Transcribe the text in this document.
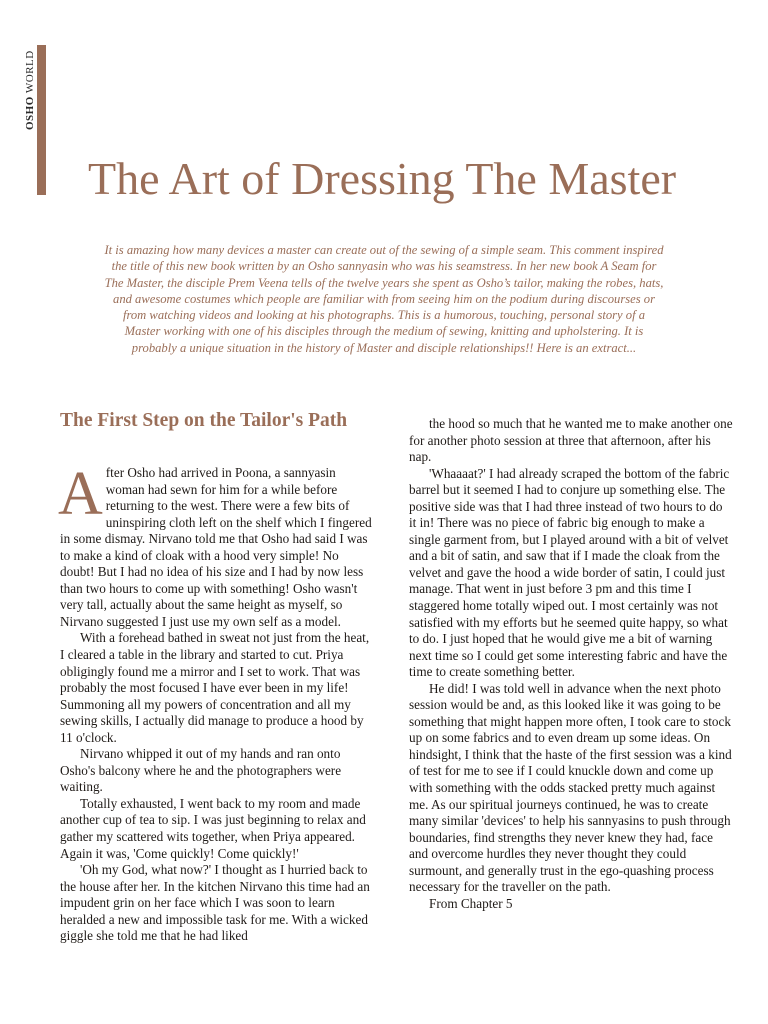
OSHO WORLD
The Art of Dressing The Master

It is amazing how many devices a master can create out of the sewing of a simple seam. This comment inspired the title of this new book written by an Osho sannyasin who was his seamstress. In her new book A Seam for The Master, the disciple Prem Veena tells of the twelve years she spent as Osho’s tailor, making the robes, hats, and awesome costumes which people are familiar with from seeing him on the podium during discourses or from watching videos and looking at his photographs. This is a humorous, touching, personal story of a Master working with one of his disciples through the medium of sewing, knitting and upholstering. It is probably a unique situation in the history of Master and disciple relationships!! Here is an extract...

The First Step on the Tailor's Path

After Osho had arrived in Poona, a sannyasin woman had sewn for him for a while before returning to the west. There were a few bits of uninspiring cloth left on the shelf which I fingered in some dismay. Nirvano told me that Osho had said I was to make a kind of cloak with a hood very simple! No doubt! But I had no idea of his size and I had by now less than two hours to come up with something! Osho wasn't very tall, actually about the same height as myself, so Nirvano suggested I just use my own self as a model.

With a forehead bathed in sweat not just from the heat, I cleared a table in the library and started to cut. Priya obligingly found me a mirror and I set to work. That was probably the most focused I have ever been in my life! Summoning all my powers of concentration and all my sewing skills, I actually did manage to produce a hood by 11 o'clock.

Nirvano whipped it out of my hands and ran onto Osho's balcony where he and the photographers were waiting.

Totally exhausted, I went back to my room and made another cup of tea to sip. I was just beginning to relax and gather my scattered wits together, when Priya appeared. Again it was, 'Come quickly! Come quickly!'

'Oh my God, what now?' I thought as I hurried back to the house after her. In the kitchen Nirvano this time had an impudent grin on her face which I was soon to learn heralded a new and impossible task for me. With a wicked giggle she told me that he had liked

the hood so much that he wanted me to make another one for another photo session at three that afternoon, after his nap.

'Whaaaat?' I had already scraped the bottom of the fabric barrel but it seemed I had to conjure up something else. The positive side was that I had three instead of two hours to do it in! There was no piece of fabric big enough to make a single garment from, but I played around with a bit of velvet and a bit of satin, and saw that if I made the cloak from the velvet and gave the hood a wide border of satin, I could just manage. That went in just before 3 pm and this time I staggered home totally wiped out. I most certainly was not satisfied with my efforts but he seemed quite happy, so what to do. I just hoped that he would give me a bit of warning next time so I could get some interesting fabric and have the time to create something better.

He did! I was told well in advance when the next photo session would be and, as this looked like it was going to be something that might happen more often, I took care to stock up on some fabrics and to even dream up some ideas. On hindsight, I think that the haste of the first session was a kind of test for me to see if I could knuckle down and come up with something with the odds stacked pretty much against me. As our spiritual journeys continued, he was to create many similar 'devices' to help his sannyasins to push through boundaries, find strengths they never knew they had, face and overcome hurdles they never thought they could surmount, and generally trust in the ego-quashing process necessary for the traveller on the path.

From Chapter 5
